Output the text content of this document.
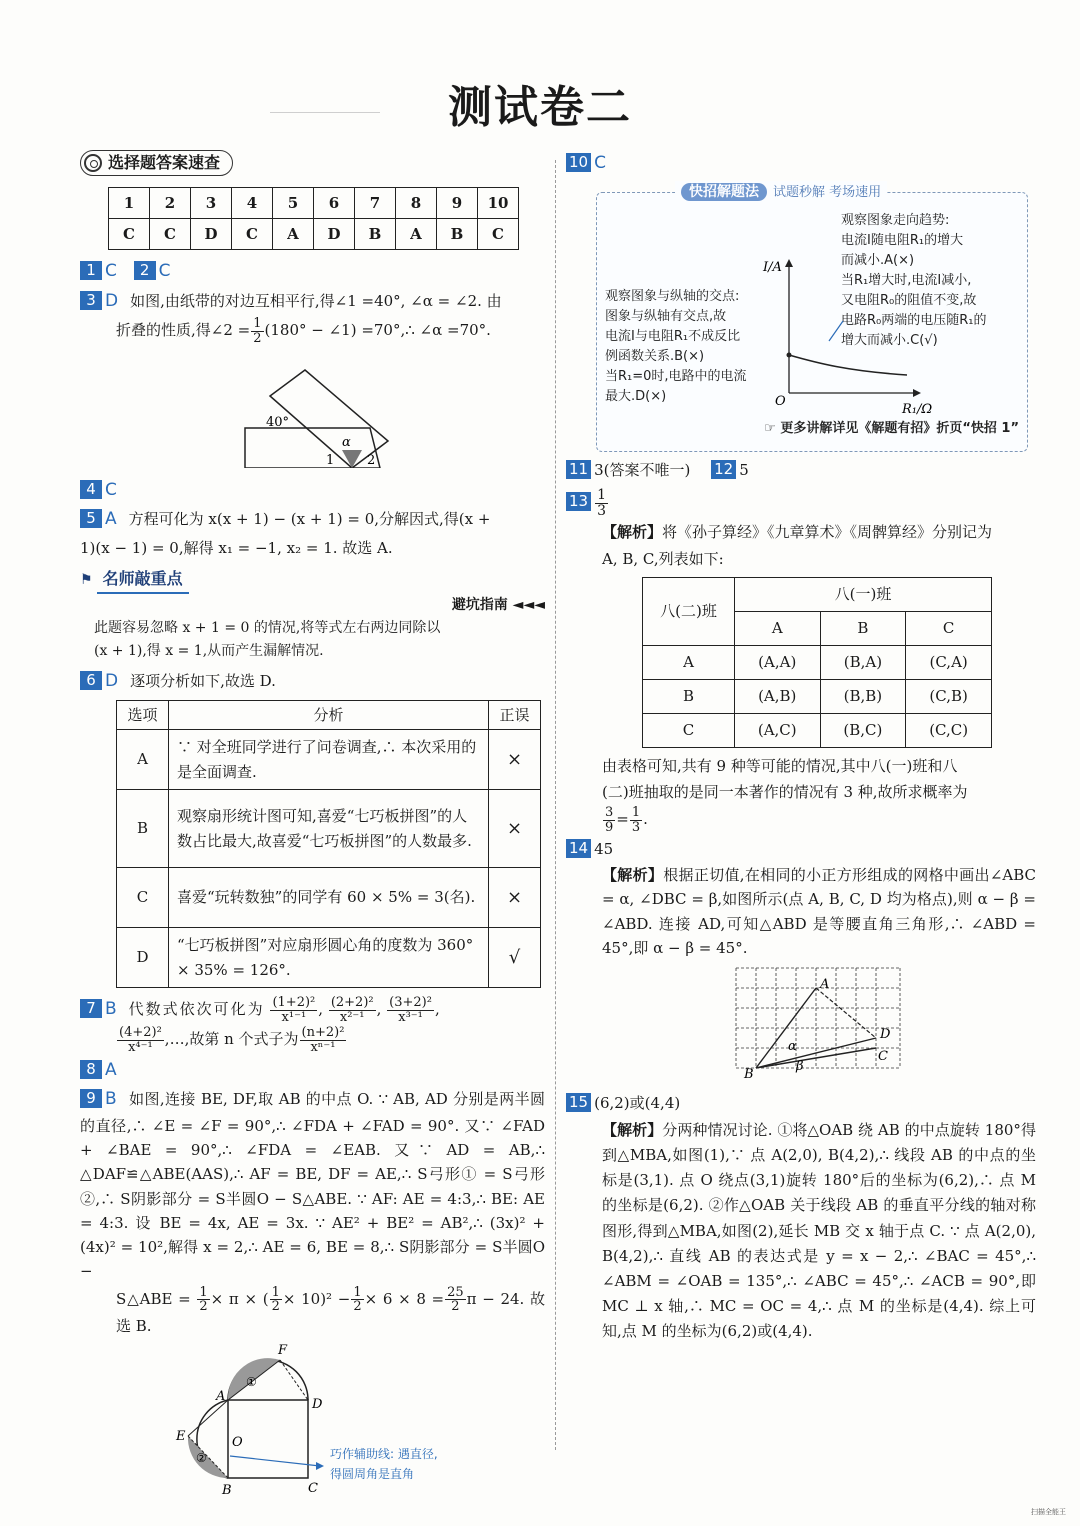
测试卷二
选择题答案速查
1	2	3	4	5	6	7	8	9	10
C	C	D	C	A	D	B	A	B	C
1 C 2 C
3 D 如图,由纸带的对边互相平行,得∠1 =40°, ∠α = ∠2. 由
折叠的性质,得∠2 = $\frac{1}{2} (180^\circ$ − ∠1) =70°,∴ ∠α =70°.
40°
α
1	2
4 C
5 A 方程可化为 x(x + 1) − (x + 1) = 0,分解因式,得(x +
1)(x − 1) = 0,解得 x₁ = −1, x₂ = 1. 故选 A.
⚑ 名师敲重点
避坑指南 ◄◄◄
此题容易忽略 x + 1 = 0 的情况,将等式左右两边同除以
(x + 1),得 x = 1,从而产生漏解情况.
6 D 逐项分析如下,故选 D.
选项	分析	正误
A	∵ 对全班同学进行了问卷调查,∴ 本次采用的是全面调查.	×
B	观察扇形统计图可知,喜爱“七巧板拼图”的人数占比最大,故喜爱“七巧板拼图”的人数最多.	×
C	喜爱“玩转数独”的同学有 60 × 5% = 3(名).	×
D	“七巧板拼图”对应扇形圆心角的度数为 360° × 35% = 126°.	√
7 B 代数式依次可化为 $\frac{\text{(1+2)²}}{\text{x¹⁻¹}}$ , $\frac{\text{(2+2)²}}{\text{x²⁻¹}}$ , $\frac{\text{(3+2)²}}{\text{x³⁻¹}}$ ,
$\frac{\text{(4+2)²}}{\text{x⁴⁻¹}}$ ,…,故第 n 个式子为 $\frac{\text{(n+2)²}}{\text{xⁿ⁻¹}}$
8 A
9 B 如图,连接 BE, DF,取 AB 的中点 O. ∵ AB, AD 分别是两半圆的直径,∴ ∠E = ∠F = 90°,∴ ∠FDA + ∠FAD = 90°. 又∵ ∠FAD + ∠BAE = 90°,∴ ∠FDA = ∠EAB. 又∵ AD = AB,∴ △DAF≌△ABE(AAS),∴ AF = BE, DF = AE,∴ S弓形① = S弓形②,∴ S阴影部分 = S半圆O − S△ABE. ∵ AF: AE = 4:3,∴ BE: AE = 4:3. 设 BE = 4x, AE = 3x. ∵ AE² + BE² = AB²,∴ (3x)² + (4x)² = 10²,解得 x = 2,∴ AE = 6, BE = 8,∴ S阴影部分 = S半圆O −
S△ABE = $\frac{1}{2} \times \pi$ × ( $\frac{1}{2} \times 10)^2 - \frac{1}{2} \times 6 \times 8 = \frac{25}{2}$ π − 24. 故选 B.
F
A
D
E	O
B	C
①
②	巧作辅助线: 遇直径,
得圆周角是直角
10 C
快招解题法 试题秒解 考场速用
观察图象与纵轴的交点:
图象与纵轴有交点,故
电流I与电阻R₁不成反比
例函数关系.B(×)
当R₁=0时,电路中的电流
最大.D(×)
观察图象走向趋势:
电流I随电阻R₁的增大
而减小.A(×)
当R₁增大时,电流I减小,
又电阻R₀的阻值不变,故
电路R₀两端的电压随R₁的
增大而减小.C(√)
I/A
R₁/Ω
O
☞ 更多讲解详见《解题有招》折页“快招 1”
11 3(答案不唯一) 12 5
$13 \frac{1}{3}$
【解析】将《孙子算经》《九章算术》《周髀算经》分别记为
A, B, C,列表如下:
八(二)班	八(一)班		
	A	B	C
A	(A,A)	(B,A)	(C,A)
B	(A,B)	(B,B)	(C,B)
C	(A,C)	(B,C)	(C,C)
由表格可知,共有 9 种等可能的情况,其中八(一)班和八
(二)班抽取的是同一本著作的情况有 3 种,故所求概率为
$\frac{3}{9} = \frac{1}{3}$ .
14 45
【解析】根据正切值,在相同的小正方形组成的网格中画出∠ABC = α, ∠DBC = β,如图所示(点 A, B, C, D 均为格点),则 α − β = ∠ABD. 连接 AD,可知△ABD 是等腰直角三角形,∴ ∠ABD = 45°,即 α − β = 45°.
A
B
C
D
α
β
15 (6,2)或(4,4)
【解析】分两种情况讨论. ①将△OAB 绕 AB 的中点旋转 180°得到△MBA,如图(1),∵ 点 A(2,0), B(4,2),∴ 线段 AB 的中点的坐标是(3,1). 点 O 绕点(3,1)旋转 180°后的坐标为(6,2),∴ 点 M 的坐标是(6,2). ②作△OAB 关于线段 AB 的垂直平分线的轴对称图形,得到△MBA,如图(2),延长 MB 交 x 轴于点 C. ∵ 点 A(2,0), B(4,2),∴ 直线 AB 的表达式是 y = x − 2,∴ ∠BAC = 45°,∴ ∠ABM = ∠OAB = 135°,∴ ∠ABC = 45°,∴ ∠ACB = 90°,即 MC ⊥ x 轴,∴ MC = OC = 4,∴ 点 M 的坐标是(4,4). 综上可知,点 M 的坐标为(6,2)或(4,4).
扫描全能王
